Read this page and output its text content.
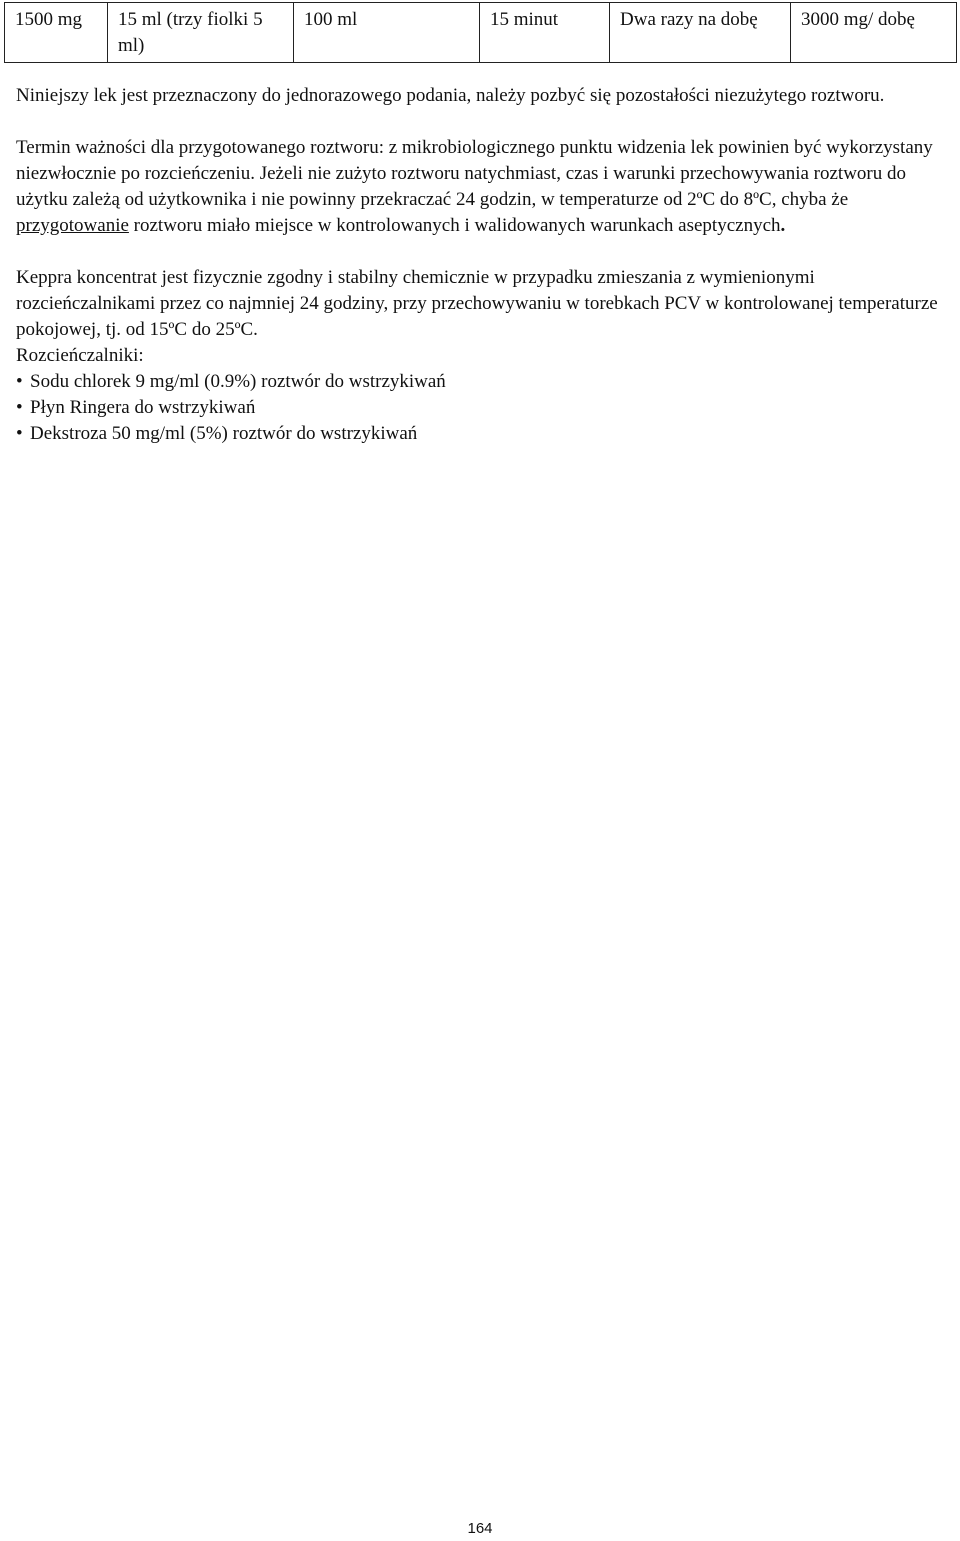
1500 mg	15 ml (trzy fiolki 5 ml)	100 ml	15 minut	Dwa razy na dobę	3000 mg/ dobę

Niniejszy lek jest przeznaczony do jednorazowego podania, należy pozbyć się pozostałości niezużytego roztworu.

Termin ważności dla przygotowanego roztworu: z mikrobiologicznego punktu widzenia lek powinien być wykorzystany niezwłocznie po rozcieńczeniu. Jeżeli nie zużyto roztworu natychmiast, czas i warunki przechowywania roztworu do użytku zależą od użytkownika i nie powinny przekraczać 24 godzin, w temperaturze od 2ºC do 8ºC, chyba że przygotowanie roztworu miało miejsce w kontrolowanych i walidowanych warunkach aseptycznych.

Keppra koncentrat jest fizycznie zgodny i stabilny chemicznie w przypadku zmieszania z wymienionymi rozcieńczalnikami przez co najmniej 24 godziny, przy przechowywaniu w torebkach PCV w kontrolowanej temperaturze pokojowej, tj. od 15ºC do 25ºC.

Rozcieńczalniki:

• Sodu chlorek 9 mg/ml (0.9%) roztwór do wstrzykiwań
• Płyn Ringera do wstrzykiwań
• Dekstroza 50 mg/ml (5%) roztwór do wstrzykiwań
164
